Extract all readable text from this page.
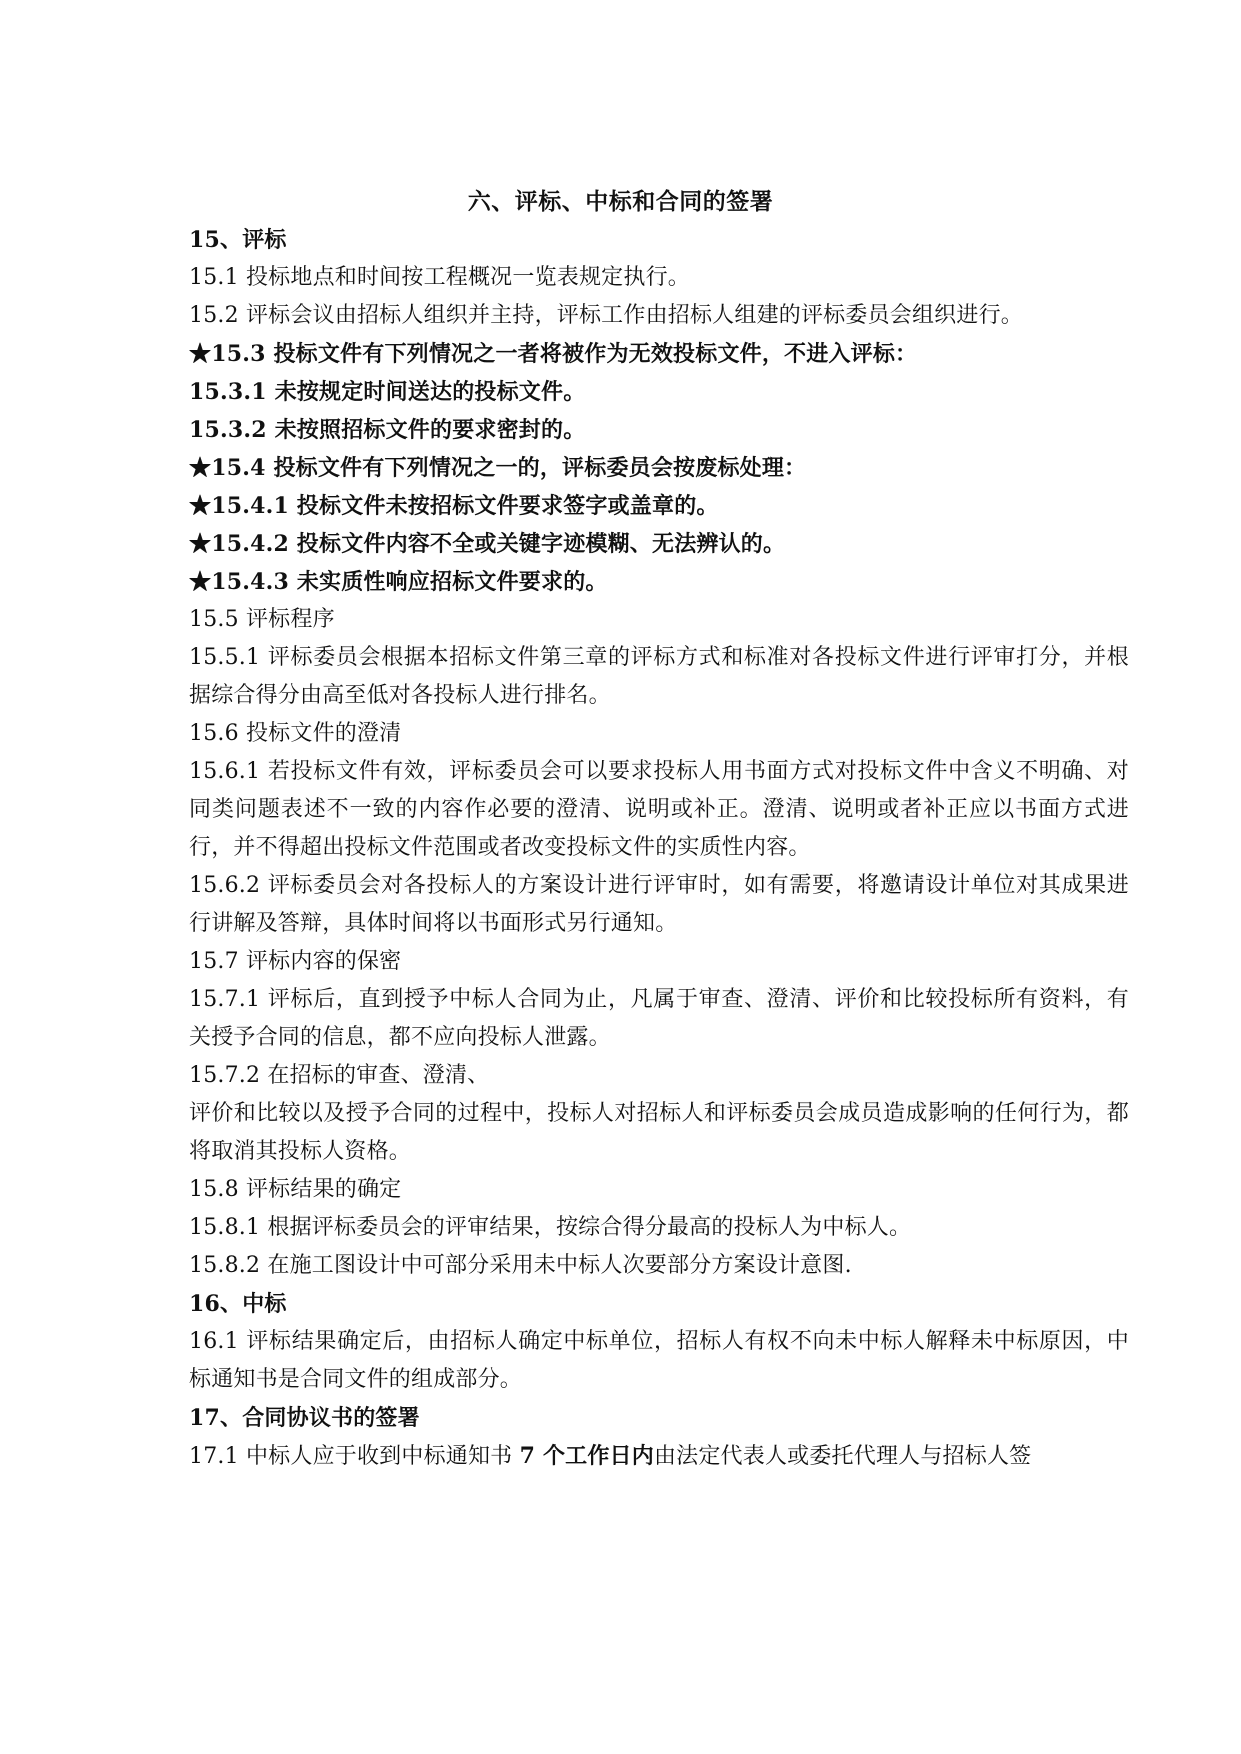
六、评标、中标和合同的签署
15、评标
15.1 投标地点和时间按工程概况一览表规定执行。
15.2 评标会议由招标人组织并主持，评标工作由招标人组建的评标委员会组织进行。
★15.3 投标文件有下列情况之一者将被作为无效投标文件，不进入评标：
15.3.1 未按规定时间送达的投标文件。
15.3.2 未按照招标文件的要求密封的。
★15.4 投标文件有下列情况之一的，评标委员会按废标处理：
★15.4.1 投标文件未按招标文件要求签字或盖章的。
★15.4.2 投标文件内容不全或关键字迹模糊、无法辨认的。
★15.4.3 未实质性响应招标文件要求的。
15.5 评标程序
15.5.1 评标委员会根据本招标文件第三章的评标方式和标准对各投标文件进行评审打分，并根据综合得分由高至低对各投标人进行排名。
15.6 投标文件的澄清
15.6.1 若投标文件有效，评标委员会可以要求投标人用书面方式对投标文件中含义不明确、对同类问题表述不一致的内容作必要的澄清、说明或补正。澄清、说明或者补正应以书面方式进行，并不得超出投标文件范围或者改变投标文件的实质性内容。
15.6.2 评标委员会对各投标人的方案设计进行评审时，如有需要，将邀请设计单位对其成果进行讲解及答辩，具体时间将以书面形式另行通知。
15.7 评标内容的保密
15.7.1 评标后，直到授予中标人合同为止，凡属于审查、澄清、评价和比较投标所有资料，有关授予合同的信息，都不应向投标人泄露。
15.7.2 在招标的审查、澄清、
评价和比较以及授予合同的过程中，投标人对招标人和评标委员会成员造成影响的任何行为，都将取消其投标人资格。
15.8 评标结果的确定
15.8.1 根据评标委员会的评审结果，按综合得分最高的投标人为中标人。
15.8.2 在施工图设计中可部分采用未中标人次要部分方案设计意图.
16、中标
16.1 评标结果确定后，由招标人确定中标单位，招标人有权不向未中标人解释未中标原因，中标通知书是合同文件的组成部分。
17、合同协议书的签署
17.1 中标人应于收到中标通知书 7 个工作日内由法定代表人或委托代理人与招标人签
